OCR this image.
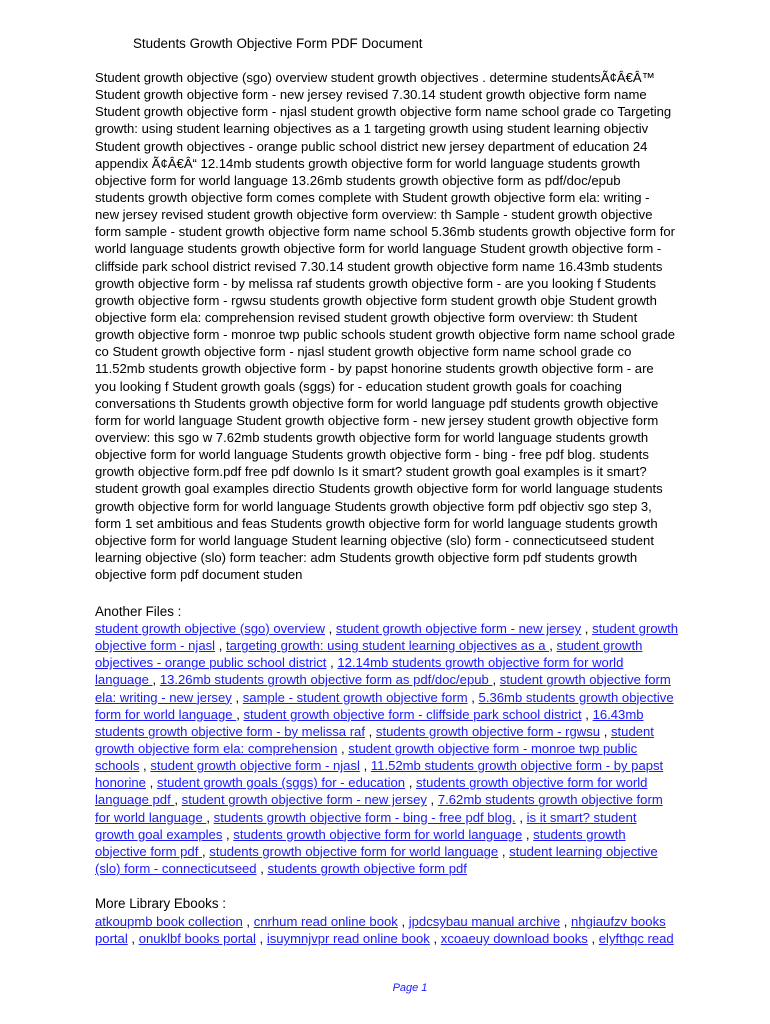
Students Growth Objective Form PDF Document
Student growth objective (sgo) overview student growth objectives . determine studentsÃ¢Â€Â™
Student growth objective form - new jersey revised 7.30.14 student growth objective form name
Student growth objective form - njasl student growth objective form name school grade co Targeting
growth: using student learning objectives as a 1 targeting growth using student learning objectiv
Student growth objectives - orange public school district new jersey department of education 24
appendix Ã¢Â€Â“ 12.14mb students growth objective form for world language students growth
objective form for world language 13.26mb students growth objective form as pdf/doc/epub
students growth objective form comes complete with Student growth objective form ela: writing -
new jersey revised student growth objective form overview: th Sample - student growth objective
form sample - student growth objective form name school 5.36mb students growth objective form for
world language students growth objective form for world language Student growth objective form -
cliffside park school district revised 7.30.14 student growth objective form name 16.43mb students
growth objective form - by melissa raf students growth objective form - are you looking f Students
growth objective form - rgwsu students growth objective form student growth obje Student growth
objective form ela: comprehension revised student growth objective form overview: th Student
growth objective form - monroe twp public schools student growth objective form name school grade
co Student growth objective form - njasl student growth objective form name school grade co
11.52mb students growth objective form - by papst honorine students growth objective form - are
you looking f Student growth goals (sggs) for - education student growth goals for coaching
conversations th Students growth objective form for world language pdf students growth objective
form for world language Student growth objective form - new jersey student growth objective form
overview: this sgo w 7.62mb students growth objective form for world language students growth
objective form for world language Students growth objective form - bing - free pdf blog. students
growth objective form.pdf free pdf downlo Is it smart? student growth goal examples is it smart?
student growth goal examples directio Students growth objective form for world language students
growth objective form for world language Students growth objective form pdf objectiv sgo step 3,
form 1 set ambitious and feas Students growth objective form for world language students growth
objective form for world language Student learning objective (slo) form - connecticutseed student
learning objective (slo) form teacher: adm Students growth objective form pdf students growth
objective form pdf document studen
Another Files :
student growth objective (sgo) overview , student growth objective form - new jersey , student growth
objective form - njasl , targeting growth: using student learning objectives as a , student growth
objectives - orange public school district , 12.14mb students growth objective form for world
language , 13.26mb students growth objective form as pdf/doc/epub , student growth objective form
ela: writing - new jersey , sample - student growth objective form , 5.36mb students growth objective
form for world language , student growth objective form - cliffside park school district , 16.43mb
students growth objective form - by melissa raf , students growth objective form - rgwsu , student
growth objective form ela: comprehension , student growth objective form - monroe twp public
schools , student growth objective form - njasl , 11.52mb students growth objective form - by papst
honorine , student growth goals (sggs) for - education , students growth objective form for world
language pdf , student growth objective form - new jersey , 7.62mb students growth objective form
for world language , students growth objective form - bing - free pdf blog. , is it smart? student
growth goal examples , students growth objective form for world language , students growth
objective form pdf , students growth objective form for world language , student learning objective
(slo) form - connecticutseed , students growth objective form pdf
More Library Ebooks :
atkoupmb book collection , cnrhum read online book , jpdcsybau manual archive , nhgiaufzv books
portal , onuklbf books portal , isuymnjvpr read online book , xcoaeuy download books , elyfthqc read
Page 1
